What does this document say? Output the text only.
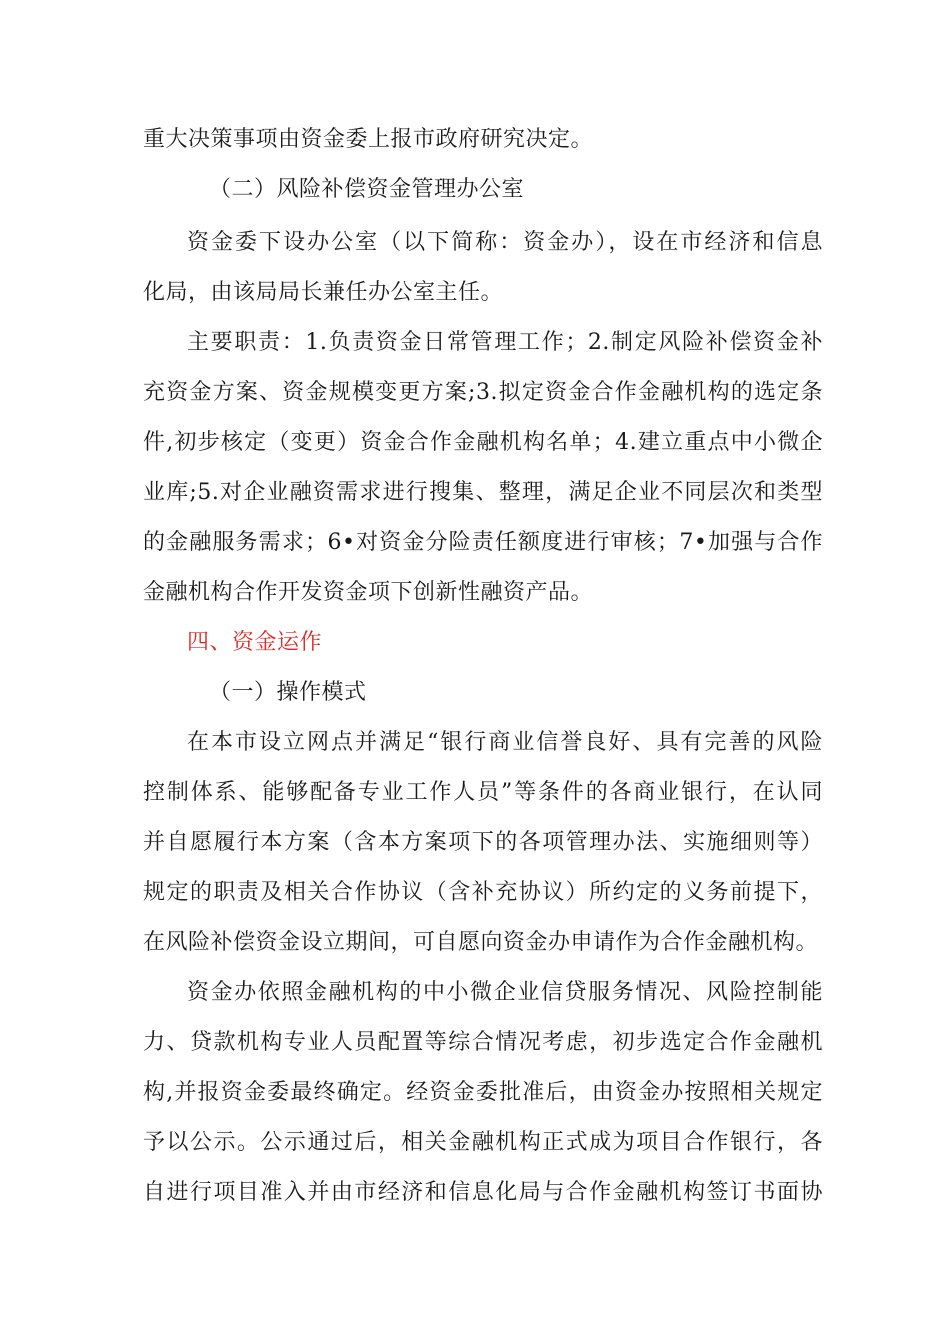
重大决策事项由资金委上报市政府研究决定。
（二）风险补偿资金管理办公室
资金委下设办公室（以下简称：资金办），设在市经济和信息
化局，由该局局长兼任办公室主任。
主要职责：1.负责资金日常管理工作；2.制定风险补偿资金补
充资金方案、资金规模变更方案;3.拟定资金合作金融机构的选定条
件,初步核定（变更）资金合作金融机构名单；4.建立重点中小微企
业库;5.对企业融资需求进行搜集、整理，满足企业不同层次和类型
的金融服务需求；6•对资金分险责任额度进行审核；7•加强与合作
金融机构合作开发资金项下创新性融资产品。
四、资金运作
（一）操作模式
在本市设立网点并满足“银行商业信誉良好、具有完善的风险
控制体系、能够配备专业工作人员”等条件的各商业银行，在认同
并自愿履行本方案（含本方案项下的各项管理办法、实施细则等）
规定的职责及相关合作协议（含补充协议）所约定的义务前提下，
在风险补偿资金设立期间，可自愿向资金办申请作为合作金融机构。
资金办依照金融机构的中小微企业信贷服务情况、风险控制能
力、贷款机构专业人员配置等综合情况考虑，初步选定合作金融机
构,并报资金委最终确定。经资金委批准后，由资金办按照相关规定
予以公示。公示通过后，相关金融机构正式成为项目合作银行，各
自进行项目准入并由市经济和信息化局与合作金融机构签订书面协
